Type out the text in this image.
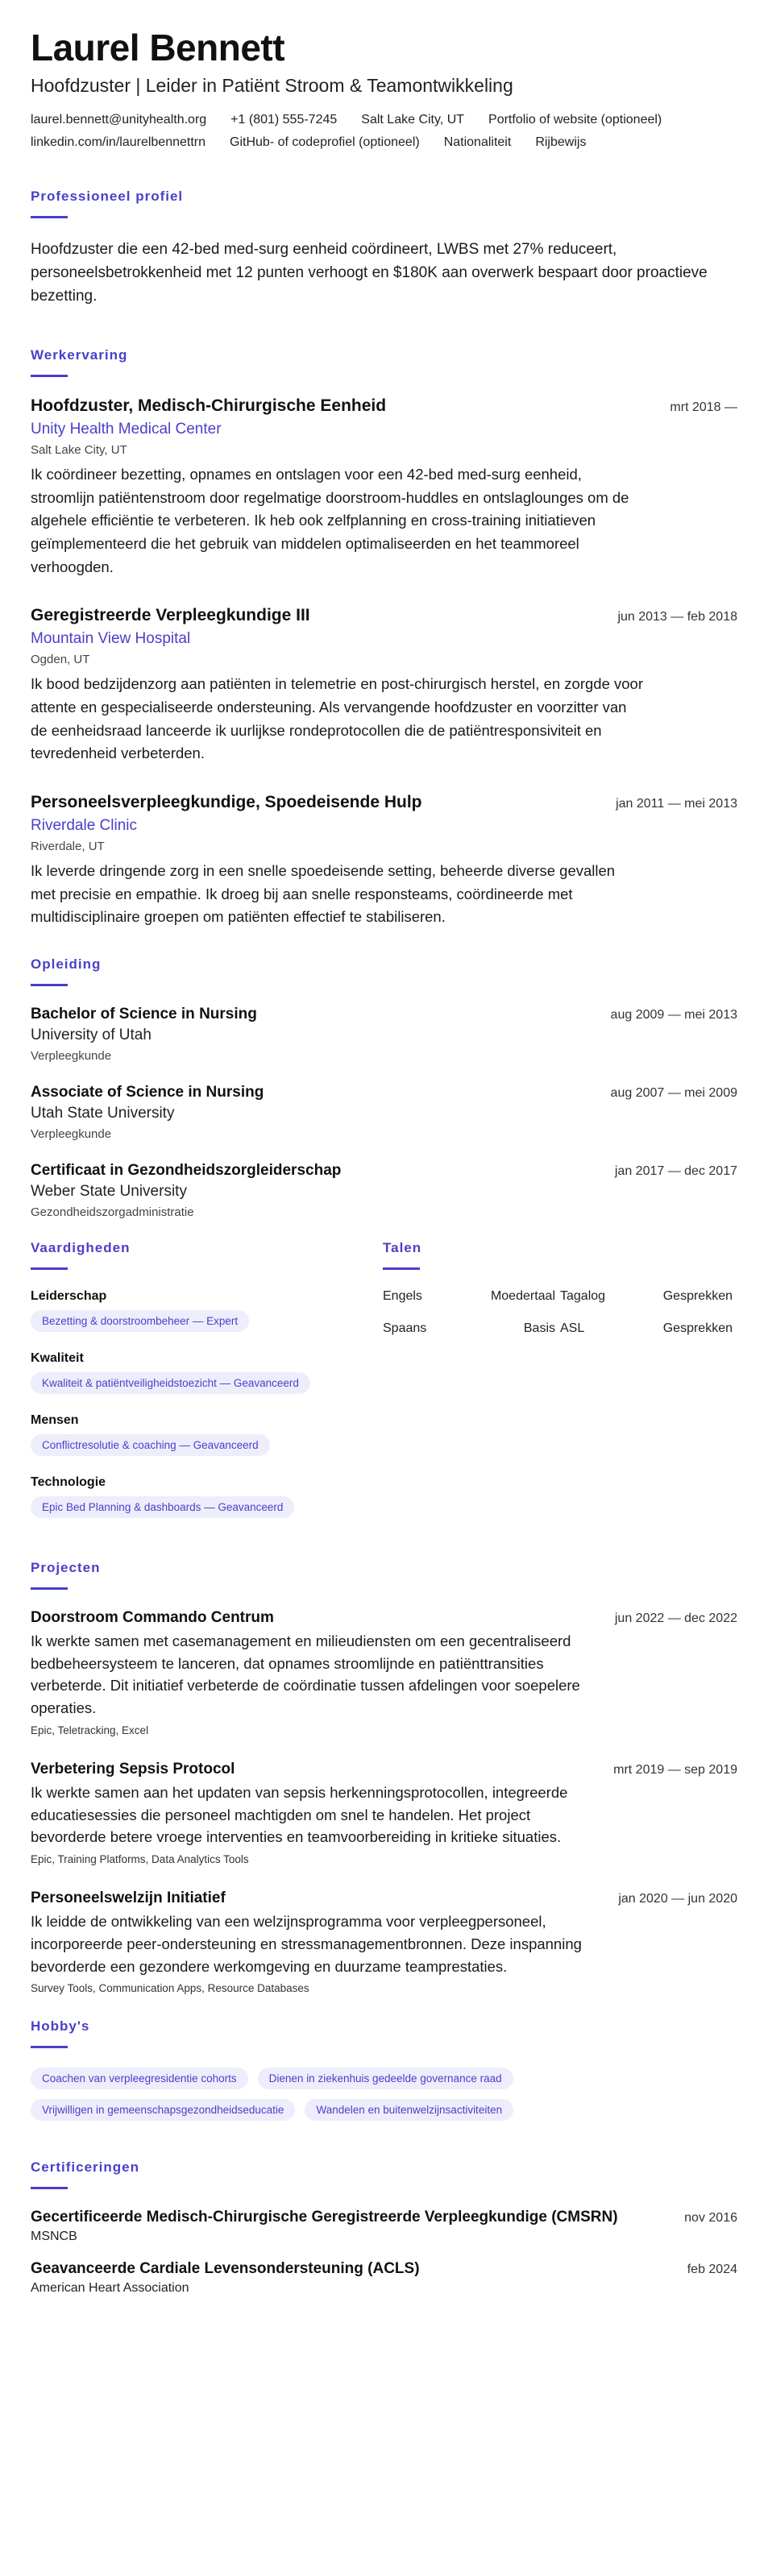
Laurel Bennett
Hoofdzuster | Leider in Patiënt Stroom & Teamontwikkeling
laurel.bennett@unityhealth.org +1 (801) 555-7245 Salt Lake City, UT Portfolio of website (optioneel)
linkedin.com/in/laurelbennettrn GitHub- of codeprofiel (optioneel) Nationaliteit Rijbewijs
Professioneel profiel
Hoofdzuster die een 42-bed med-surg eenheid coördineert, LWBS met 27% reduceert, personeelsbetrokkenheid met 12 punten verhoogt en $180K aan overwerk bespaart door proactieve bezetting.
Werkervaring
Hoofdzuster, Medisch-Chirurgische Eenheid	mrt 2018 —
Unity Health Medical Center
Salt Lake City, UT
Ik coördineer bezetting, opnames en ontslagen voor een 42-bed med-surg eenheid, stroomlijn patiëntenstroom door regelmatige doorstroom-huddles en ontslaglounges om de algehele efficiëntie te verbeteren. Ik heb ook zelfplanning en cross-training initiatieven geïmplementeerd die het gebruik van middelen optimaliseerden en het teammoreel verhoogden.
Geregistreerde Verpleegkundige III	jun 2013 — feb 2018
Mountain View Hospital
Ogden, UT
Ik bood bedzijdenzorg aan patiënten in telemetrie en post-chirurgisch herstel, en zorgde voor attente en gespecialiseerde ondersteuning. Als vervangende hoofdzuster en voorzitter van de eenheidsraad lanceerde ik uurlijkse rondeprotocollen die de patiëntresponsiviteit en tevredenheid verbeterden.
Personeelsverpleegkundige, Spoedeisende Hulp	jan 2011 — mei 2013
Riverdale Clinic
Riverdale, UT
Ik leverde dringende zorg in een snelle spoedeisende setting, beheerde diverse gevallen met precisie en empathie. Ik droeg bij aan snelle responsteams, coördineerde met multidisciplinaire groepen om patiënten effectief te stabiliseren.
Opleiding
Bachelor of Science in Nursing	aug 2009 — mei 2013
University of Utah
Verpleegkunde
Associate of Science in Nursing	aug 2007 — mei 2009
Utah State University
Verpleegkunde
Certificaat in Gezondheidszorgleiderschap	jan 2017 — dec 2017
Weber State University
Gezondheidszorgadministratie
Vaardigheden
Leiderschap
Bezetting & doorstroombeheer — Expert
Kwaliteit
Kwaliteit & patiëntveiligheidstoezicht — Geavanceerd
Mensen
Conflictresolutie & coaching — Geavanceerd
Technologie
Epic Bed Planning & dashboards — Geavanceerd
Talen
Engels	Moedertaal Tagalog	Gesprekken
Spaans	Basis ASL	Gesprekken
Projecten
Doorstroom Commando Centrum	jun 2022 — dec 2022
Ik werkte samen met casemanagement en milieudiensten om een gecentraliseerd bedbeheersysteem te lanceren, dat opnames stroomlijnde en patiënttransities verbeterde. Dit initiatief verbeterde de coördinatie tussen afdelingen voor soepelere operaties.
Epic, Teletracking, Excel
Verbetering Sepsis Protocol	mrt 2019 — sep 2019
Ik werkte samen aan het updaten van sepsis herkenningsprotocollen, integreerde educatiesessies die personeel machtigden om snel te handelen. Het project bevorderde betere vroege interventies en teamvoorbereiding in kritieke situaties.
Epic, Training Platforms, Data Analytics Tools
Personeelswelzijn Initiatief	jan 2020 — jun 2020
Ik leidde de ontwikkeling van een welzijnsprogramma voor verpleegpersoneel, incorporeerde peer-ondersteuning en stressmanagementbronnen. Deze inspanning bevorderde een gezondere werkomgeving en duurzame teamprestaties.
Survey Tools, Communication Apps, Resource Databases
Hobby's
Coachen van verpleegresidentie cohorts	Dienen in ziekenhuis gedeelde governance raad
Vrijwilligen in gemeenschapsgezondheidseducatie	Wandelen en buitenwelzijnsactiviteiten
Certificeringen
Gecertificeerde Medisch-Chirurgische Geregistreerde Verpleegkundige (CMSRN)	nov 2016
MSNCB
Geavanceerde Cardiale Levensondersteuning (ACLS)	feb 2024
American Heart Association
